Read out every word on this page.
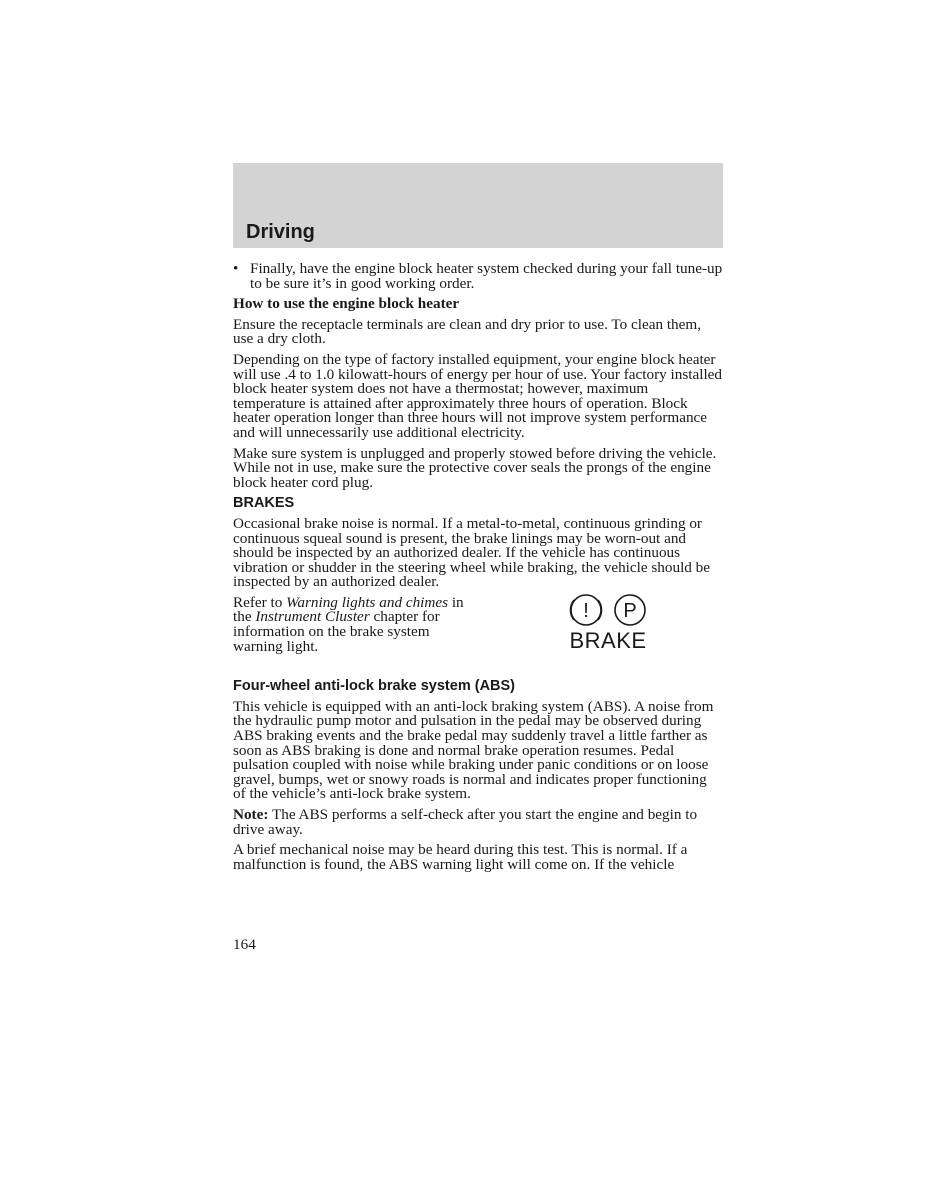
Driving
• Finally, have the engine block heater system checked during your fall tune-up to be sure it’s in good working order.

How to use the engine block heater

Ensure the receptacle terminals are clean and dry prior to use. To clean them, use a dry cloth.

Depending on the type of factory installed equipment, your engine block heater will use .4 to 1.0 kilowatt-hours of energy per hour of use. Your factory installed block heater system does not have a thermostat; however, maximum temperature is attained after approximately three hours of operation. Block heater operation longer than three hours will not improve system performance and will unnecessarily use additional electricity.

Make sure system is unplugged and properly stowed before driving the vehicle. While not in use, make sure the protective cover seals the prongs of the engine block heater cord plug.

BRAKES

Occasional brake noise is normal. If a metal-to-metal, continuous grinding or continuous squeal sound is present, the brake linings may be worn-out and should be inspected by an authorized dealer. If the vehicle has continuous vibration or shudder in the steering wheel while braking, the vehicle should be inspected by an authorized dealer.

Refer to Warning lights and chimes in the Instrument Cluster chapter for information on the brake system warning light.
! P
BRAKE

Four-wheel anti-lock brake system (ABS)

This vehicle is equipped with an anti-lock braking system (ABS). A noise from the hydraulic pump motor and pulsation in the pedal may be observed during ABS braking events and the brake pedal may suddenly travel a little farther as soon as ABS braking is done and normal brake operation resumes. Pedal pulsation coupled with noise while braking under panic conditions or on loose gravel, bumps, wet or snowy roads is normal and indicates proper functioning of the vehicle’s anti-lock brake system.

Note: The ABS performs a self-check after you start the engine and begin to drive away.

A brief mechanical noise may be heard during this test. This is normal. If a malfunction is found, the ABS warning light will come on. If the vehicle

164
